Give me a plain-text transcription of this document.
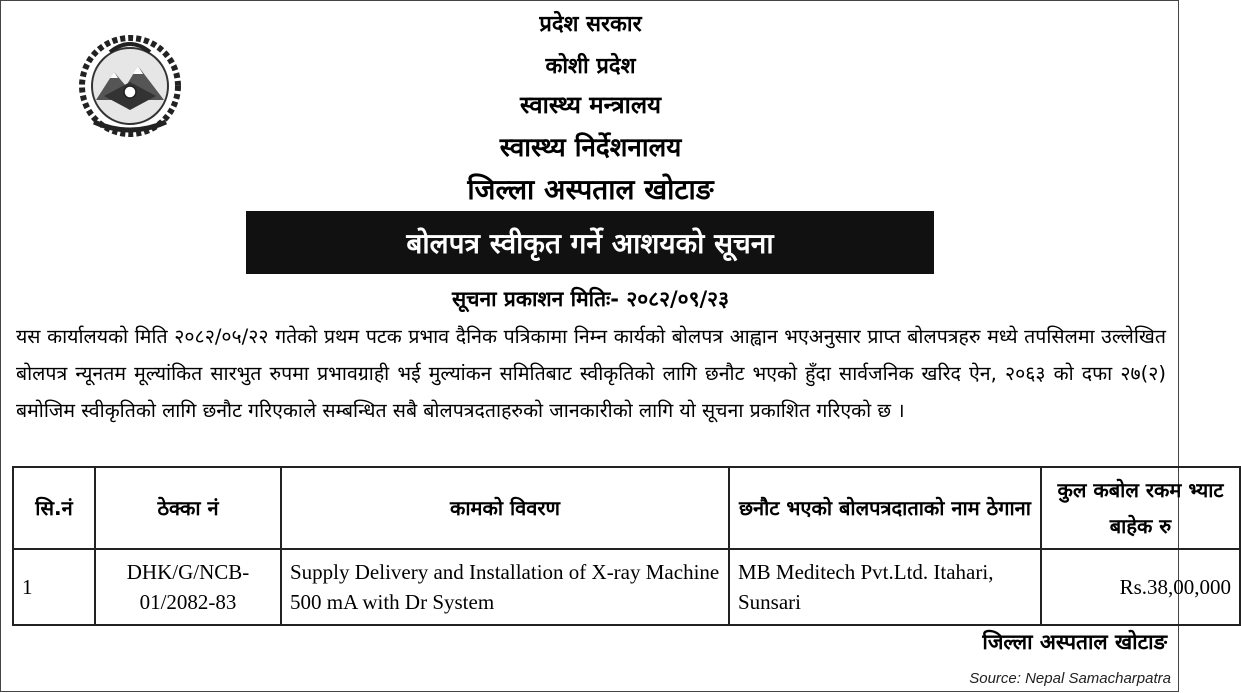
प्रदेश सरकार
कोशी प्रदेश
स्वास्थ्य मन्त्रालय
स्वास्थ्य निर्देशनालय
जिल्ला अस्पताल खोटाङ
बोलपत्र स्वीकृत गर्ने आशयको सूचना
सूचना प्रकाशन मितिः- २०८२/०९/२३
यस कार्यालयको मिति २०८२/०५/२२ गतेको प्रथम पटक प्रभाव दैनिक पत्रिकामा निम्न कार्यको बोलपत्र आह्वान भएअनुसार प्राप्त बोलपत्रहरु मध्ये तपसिलमा उल्लेखित बोलपत्र न्यूनतम मूल्यांकित सारभुत रुपमा प्रभावग्राही भई मुल्यांकन समितिबाट स्वीकृतिको लागि छनौट भएको हुँदा सार्वजनिक खरिद ऐन, २०६३ को दफा २७(२) बमोजिम स्वीकृतिको लागि छनौट गरिएकाले सम्बन्धित सबै बोलपत्रदताहरुको जानकारीको लागि यो सूचना प्रकाशित गरिएको छ ।
सि.नं	ठेक्का नं	कामको विवरण	छनौट भएको बोलपत्रदाताको नाम ठेगाना	कुल कबोल रकम भ्याट बाहेक रु
1	DHK/G/NCB-01/2082-83	Supply Delivery and Installation of X-ray Machine 500 mA with Dr System	MB Meditech Pvt.Ltd. Itahari, Sunsari	Rs.38,00,000
जिल्ला अस्पताल खोटाङ
Source: Nepal Samacharpatra
